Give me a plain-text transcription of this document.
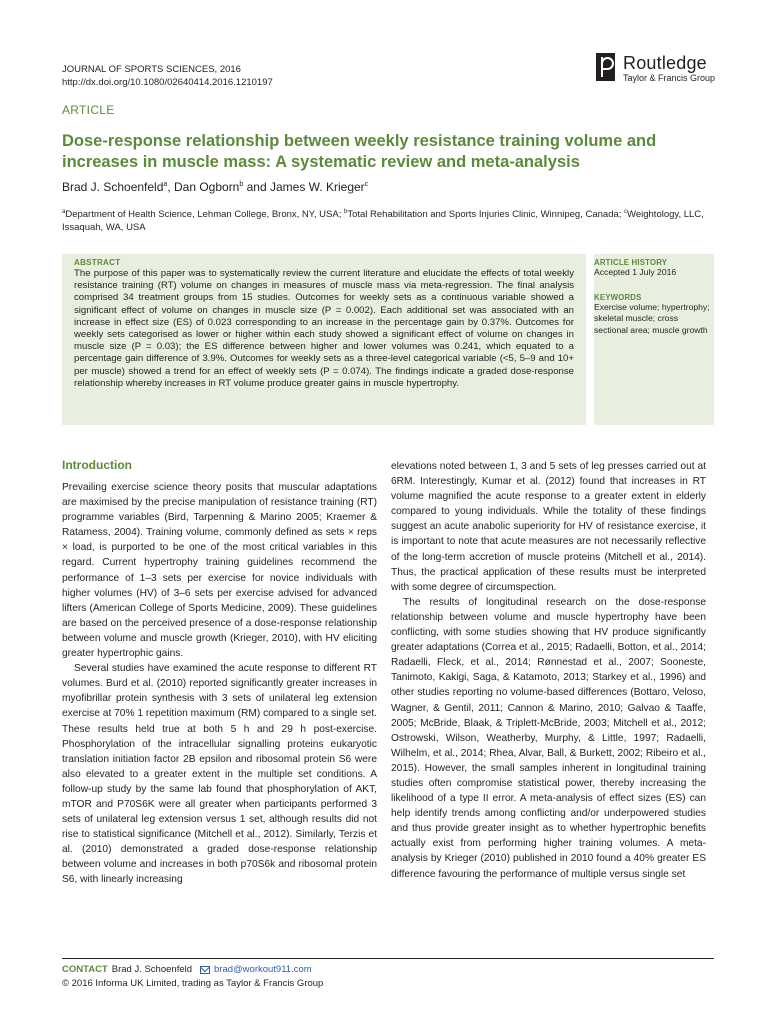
JOURNAL OF SPORTS SCIENCES, 2016
http://dx.doi.org/10.1080/02640414.2016.1210197
Routledge
Taylor & Francis Group
ARTICLE
Dose-response relationship between weekly resistance training volume and increases in muscle mass: A systematic review and meta-analysis
Brad J. Schoenfeld$^a$, Dan Ogborn$^b$ and James W. Krieger$^c$
$^a$Department of Health Science, Lehman College, Bronx, NY, USA; $^b$Total Rehabilitation and Sports Injuries Clinic, Winnipeg, Canada; $^c$Weightology, LLC, Issaquah, WA, USA
ABSTRACT
The purpose of this paper was to systematically review the current literature and elucidate the effects of total weekly resistance training (RT) volume on changes in measures of muscle mass via meta-regression. The final analysis comprised 34 treatment groups from 15 studies. Outcomes for weekly sets as a continuous variable showed a significant effect of volume on changes in muscle size (P = 0.002). Each additional set was associated with an increase in effect size (ES) of 0.023 corresponding to an increase in the percentage gain by 0.37%. Outcomes for weekly sets categorised as lower or higher within each study showed a significant effect of volume on changes in muscle size (P = 0.03); the ES difference between higher and lower volumes was 0.241, which equated to a percentage gain difference of 3.9%. Outcomes for weekly sets as a three-level categorical variable (<5, 5–9 and 10+ per muscle) showed a trend for an effect of weekly sets (P = 0.074). The findings indicate a graded dose-response relationship whereby increases in RT volume produce greater gains in muscle hypertrophy.
ARTICLE HISTORY
Accepted 1 July 2016
KEYWORDS
Exercise volume; hypertrophy; skeletal muscle; cross sectional area; muscle growth
Introduction

Prevailing exercise science theory posits that muscular adaptations are maximised by the precise manipulation of resistance training (RT) programme variables (Bird, Tarpenning & Marino 2005; Kraemer & Ratamess, 2004). Training volume, commonly defined as sets × reps × load, is purported to be one of the most critical variables in this regard. Current hypertrophy training guidelines recommend the performance of 1–3 sets per exercise for novice individuals with higher volumes (HV) of 3–6 sets per exercise advised for advanced lifters (American College of Sports Medicine, 2009). These guidelines are based on the perceived presence of a dose-response relationship between volume and muscle growth (Krieger, 2010), with HV eliciting greater hypertrophic gains.

Several studies have examined the acute response to different RT volumes. Burd et al. (2010) reported significantly greater increases in myofibrillar protein synthesis with 3 sets of unilateral leg extension exercise at 70% 1 repetition maximum (RM) compared to a single set. These results held true at both 5 h and 29 h post-exercise. Phosphorylation of the intracellular signalling proteins eukaryotic translation initiation factor 2B epsilon and ribosomal protein S6 were also elevated to a greater extent in the multiple set conditions. A follow-up study by the same lab found that phosphorylation of AKT, mTOR and P70S6K were all greater when participants performed 3 sets of unilateral leg extension versus 1 set, although results did not rise to statistical significance (Mitchell et al., 2012). Similarly, Terzis et al. (2010) demonstrated a graded dose-response relationship between volume and increases in both p70S6k and ribosomal protein S6, with linearly increasing

elevations noted between 1, 3 and 5 sets of leg presses carried out at 6RM. Interestingly, Kumar et al. (2012) found that increases in RT volume magnified the acute response to a greater extent in elderly compared to young individuals. While the totality of these findings suggest an acute anabolic superiority for HV of resistance exercise, it is important to note that acute measures are not necessarily reflective of the long-term accretion of muscle proteins (Mitchell et al., 2014). Thus, the practical application of these results must be interpreted with some degree of circumspection.

The results of longitudinal research on the dose-response relationship between volume and muscle hypertrophy have been conflicting, with some studies showing that HV produce significantly greater adaptations (Correa et al., 2015; Radaelli, Botton, et al., 2014; Radaelli, Fleck, et al., 2014; Rønnestad et al., 2007; Sooneste, Tanimoto, Kakigi, Saga, & Katamoto, 2013; Starkey et al., 1996) and other studies reporting no volume-based differences (Bottaro, Veloso, Wagner, & Gentil, 2011; Cannon & Marino, 2010; Galvao & Taaffe, 2005; McBride, Blaak, & Triplett-McBride, 2003; Mitchell et al., 2012; Ostrowski, Wilson, Weatherby, Murphy, & Little, 1997; Radaelli, Wilhelm, et al., 2014; Rhea, Alvar, Ball, & Burkett, 2002; Ribeiro et al., 2015). However, the small samples inherent in longitudinal training studies often compromise statistical power, thereby increasing the likelihood of a type II error. A meta-analysis of effect sizes (ES) can help identify trends among conflicting and/or underpowered studies and thus provide greater insight as to whether hypertrophic benefits actually exist from performing higher training volumes. A meta-analysis by Krieger (2010) published in 2010 found a 40% greater ES difference favouring the performance of multiple versus single set

CONTACT Brad J. Schoenfeld brad@workout911.com
© 2016 Informa UK Limited, trading as Taylor & Francis Group
